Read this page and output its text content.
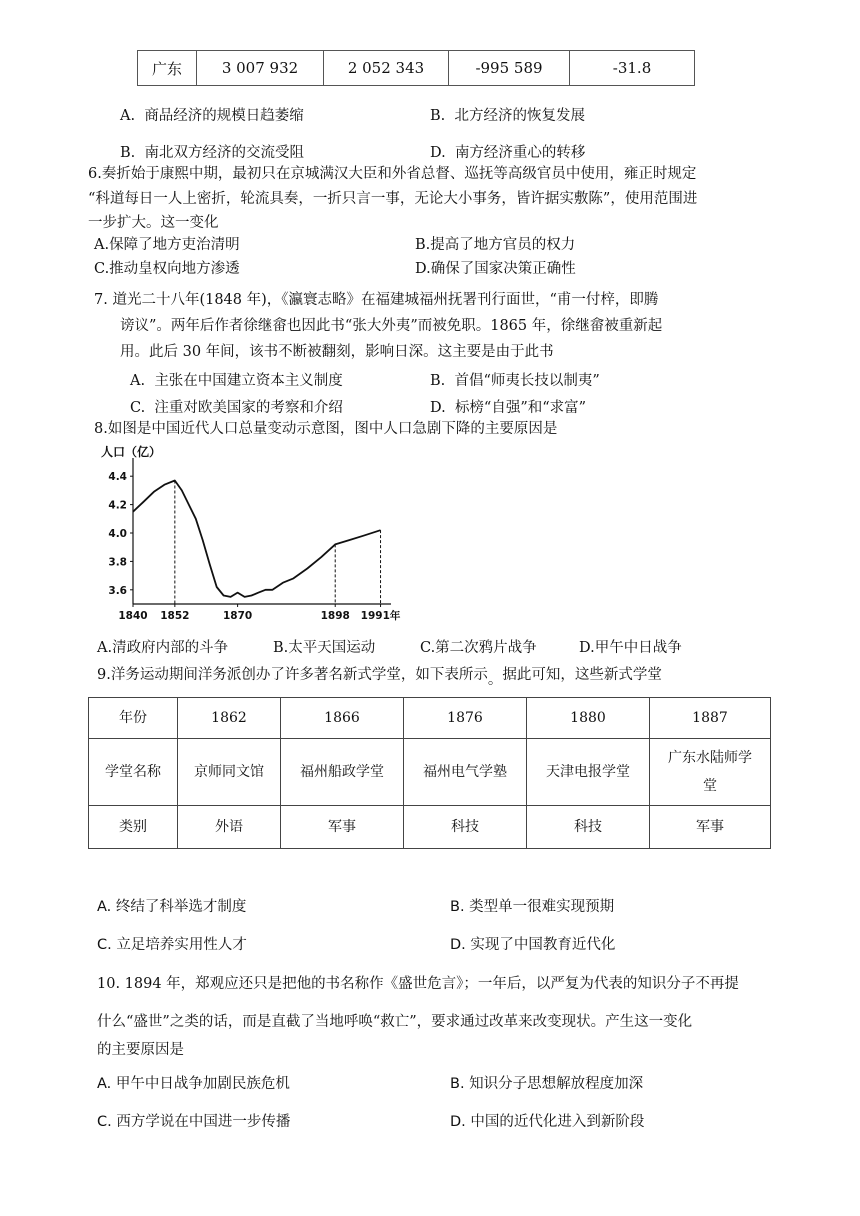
广东	3 007 932	2 052 343	-995 589	-31.8
A. 商品经济的规模日趋萎缩	B. 北方经济的恢复发展
B. 南北双方经济的交流受阻	D. 南方经济重心的转移
6.奏折始于康熙中期，最初只在京城满汉大臣和外省总督、巡抚等高级官员中使用，雍正时规定
“科道每日一人上密折，轮流具奏，一折只言一事，无论大小事务，皆许据实敷陈”，使用范围进
一步扩大。这一变化
A.保障了地方吏治清明	B.提高了地方官员的权力
C.推动皇权向地方渗透	D.确保了国家决策正确性
7. 道光二十八年(1848 年)，《瀛寰志略》在福建城福州抚署刊行面世，“甫一付梓，即腾
谤议”。两年后作者徐继畲也因此书“张大外夷”而被免职。1865 年，徐继畲被重新起
用。此后 30 年间，该书不断被翻刻，影响日深。这主要是由于此书
A. 主张在中国建立资本主义制度	B. 首倡“师夷长技以制夷”
C. 注重对欧美国家的考察和介绍	D. 标榜“自强”和“求富”
8.如图是中国近代人口总量变动示意图，图中人口急剧下降的主要原因是
人口（亿）
4.4
4.2
4.0
3.8
3.6
1840 1852	1870	1898 1991年
A.清政府内部的斗争	B.太平天国运动	C.第二次鸦片战争	D.甲午中日战争
9.洋务运动期间洋务派创办了许多著名新式学堂，如下表所示。据此可知，这些新式学堂
年份	1862	1866	1876	1880	1887
学堂名称	京师同文馆	福州船政学堂	福州电气学塾	天津电报学堂	广东水陆师学
堂
类别	外语	军事	科技	科技	军事
A. 终结了科举选才制度	B. 类型单一很难实现预期
C. 立足培养实用性人才	D. 实现了中国教育近代化
10. 1894 年，郑观应还只是把他的书名称作《盛世危言》；一年后，以严复为代表的知识分子不再提
什么“盛世”之类的话，而是直截了当地呼唤“救亡”，要求通过改革来改变现状。产生这一变化
的主要原因是
A. 甲午中日战争加剧民族危机	B. 知识分子思想解放程度加深
C. 西方学说在中国进一步传播	D. 中国的近代化进入到新阶段
